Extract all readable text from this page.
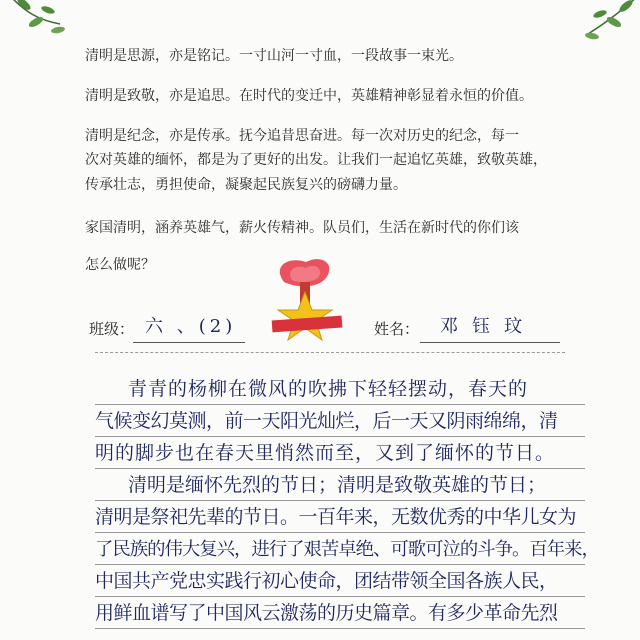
清明是思源，亦是铭记。一寸山河一寸血，一段故事一束光。
清明是致敬，亦是追思。在时代的变迁中，英雄精神彰显着永恒的价值。
清明是纪念，亦是传承。抚今追昔思奋进。每一次对历史的纪念，每一
次对英雄的缅怀，都是为了更好的出发。让我们一起追忆英雄，致敬英雄，
传承壮志，勇担使命，凝聚起民族复兴的磅礴力量。
家国清明，涵养英雄气，薪火传精神。队员们，生活在新时代的你们该
怎么做呢？
班级： 六 、(2)	姓名： 邓钰玟
青青的杨柳在微风的吹拂下轻轻摆动，春天的
气候变幻莫测，前一天阳光灿烂，后一天又阴雨绵绵，清
明的脚步也在春天里悄然而至，又到了缅怀的节日。
清明是缅怀先烈的节日；清明是致敬英雄的节日；
清明是祭祀先辈的节日。一百年来，无数优秀的中华儿女为
了民族的伟大复兴，进行了艰苦卓绝、可歌可泣的斗争。百年来，
中国共产党忠实践行初心使命，团结带领全国各族人民，
用鲜血谱写了中国风云激荡的历史篇章。有多少革命先烈
